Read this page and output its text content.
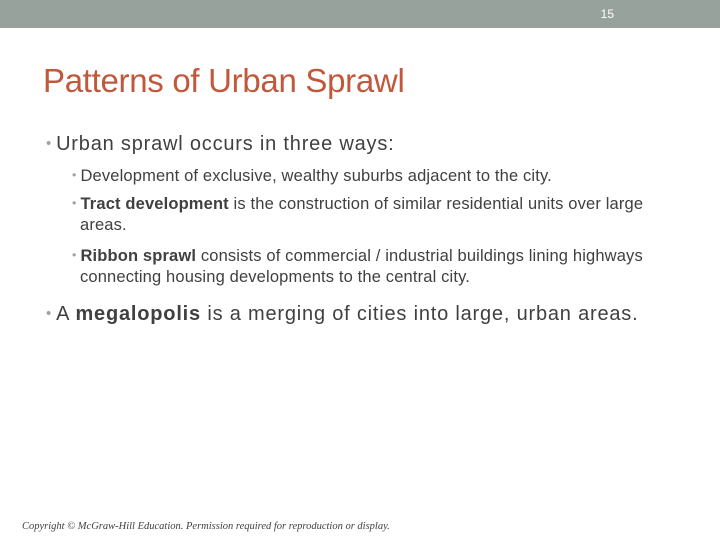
15
Patterns of Urban Sprawl
• Urban sprawl occurs in three ways:
• Development of exclusive, wealthy suburbs adjacent to the city.
• Tract development is the construction of similar residential units over large areas.
• Ribbon sprawl consists of commercial / industrial buildings lining highways connecting housing developments to the central city.
• A megalopolis is a merging of cities into large, urban areas.
Copyright © McGraw-Hill Education. Permission required for reproduction or display.
